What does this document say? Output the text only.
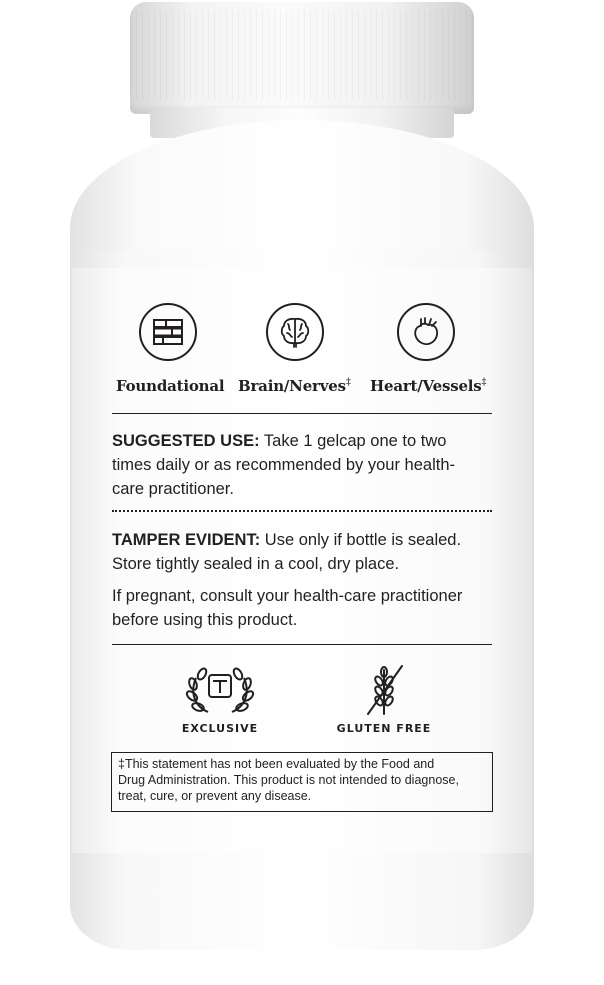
Foundational Brain/Nerves‡ Heart/Vessels‡
SUGGESTED USE: Take 1 gelcap one to two
times daily or as recommended by your health-
care practitioner.
TAMPER EVIDENT: Use only if bottle is sealed.
Store tightly sealed in a cool, dry place.
If pregnant, consult your health-care practitioner
before using this product.
EXCLUSIVE	GLUTEN FREE
‡This statement has not been evaluated by the Food and
Drug Administration. This product is not intended to diagnose,
treat, cure, or prevent any disease.
